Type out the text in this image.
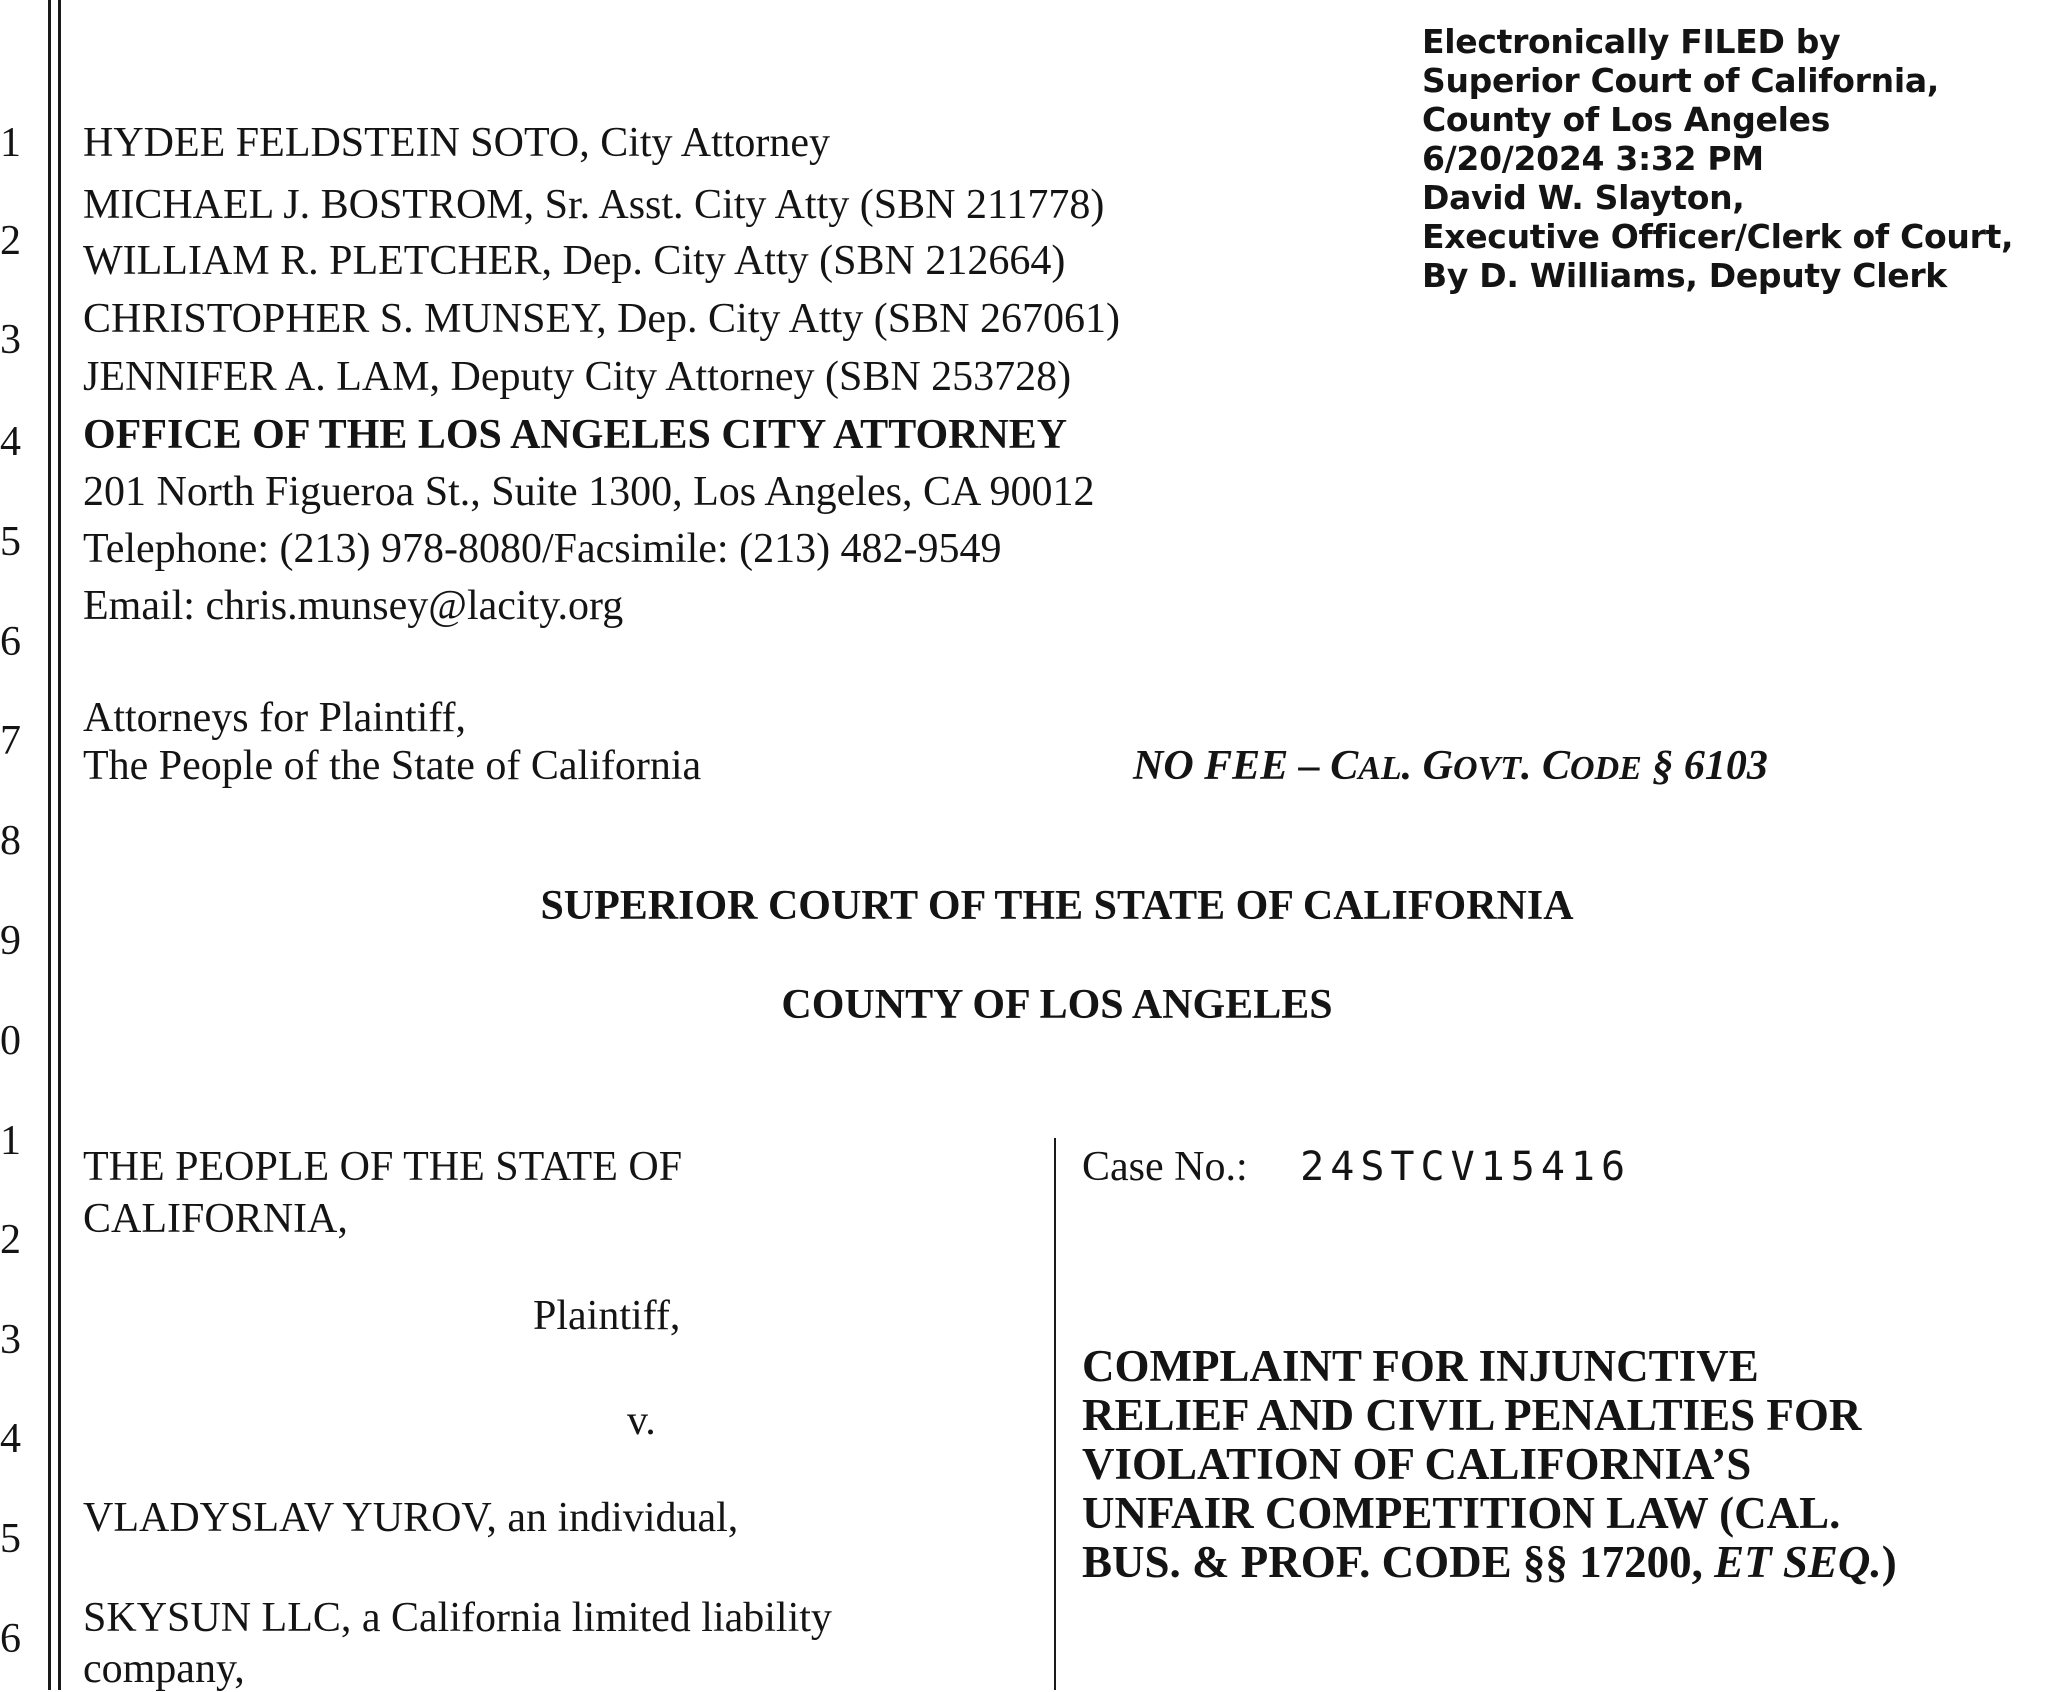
1
2
3
4
5
6
7
8
9
0
1
2
3
4
5
6
Electronically FILED by
Superior Court of California,
County of Los Angeles
6/20/2024 3:32 PM
David W. Slayton,
Executive Officer/Clerk of Court,
By D. Williams, Deputy Clerk
HYDEE FELDSTEIN SOTO, City Attorney
MICHAEL J. BOSTROM, Sr. Asst. City Atty (SBN 211778)
WILLIAM R. PLETCHER, Dep. City Atty (SBN 212664)
CHRISTOPHER S. MUNSEY, Dep. City Atty (SBN 267061)
JENNIFER A. LAM, Deputy City Attorney (SBN 253728)
OFFICE OF THE LOS ANGELES CITY ATTORNEY
201 North Figueroa St., Suite 1300, Los Angeles, CA 90012
Telephone: (213) 978-8080/Facsimile: (213) 482-9549
Email: chris.munsey@lacity.org
Attorneys for Plaintiff,
The People of the State of California	NO FEE – CAL. GOVT. CODE § 6103
SUPERIOR COURT OF THE STATE OF CALIFORNIA
COUNTY OF LOS ANGELES
THE PEOPLE OF THE STATE OF
CALIFORNIA,
Plaintiff,
v.
VLADYSLAV YUROV, an individual,
SKYSUN LLC, a California limited liability
company,
Case No.: 24STCV15416
COMPLAINT FOR INJUNCTIVE
RELIEF AND CIVIL PENALTIES FOR
VIOLATION OF CALIFORNIA’S
UNFAIR COMPETITION LAW (CAL.
BUS. & PROF. CODE §§ 17200, ET SEQ.)
